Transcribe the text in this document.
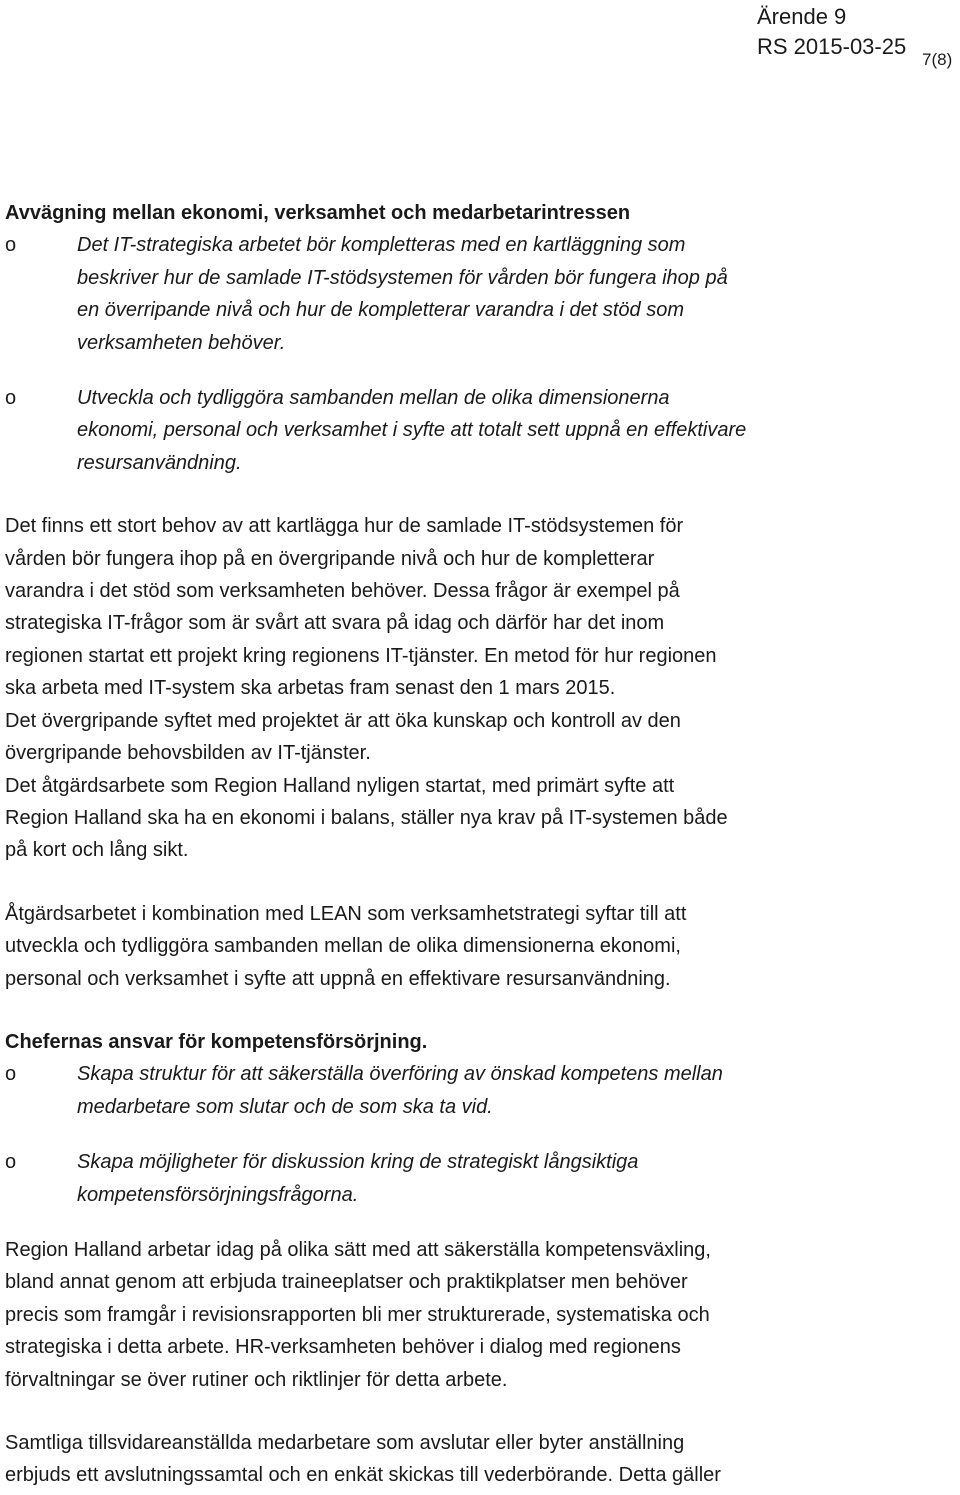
Ärende 9
RS 2015-03-25
7(8)

Avvägning mellan ekonomi, verksamhet och medarbetarintressen

o	Det IT-strategiska arbetet bör kompletteras med en kartläggning som
beskriver hur de samlade IT-stödsystemen för vården bör fungera ihop på
en överripande nivå och hur de kompletterar varandra i det stöd som
verksamheten behöver.
o	Utveckla och tydliggöra sambanden mellan de olika dimensionerna
ekonomi, personal och verksamhet i syfte att totalt sett uppnå en effektivare
resursanvändning.
Det finns ett stort behov av att kartlägga hur de samlade IT-stödsystemen för
vården bör fungera ihop på en övergripande nivå och hur de kompletterar
varandra i det stöd som verksamheten behöver. Dessa frågor är exempel på
strategiska IT-frågor som är svårt att svara på idag och därför har det inom
regionen startat ett projekt kring regionens IT-tjänster. En metod för hur regionen
ska arbeta med IT-system ska arbetas fram senast den 1 mars 2015.
Det övergripande syftet med projektet är att öka kunskap och kontroll av den
övergripande behovsbilden av IT-tjänster.
Det åtgärdsarbete som Region Halland nyligen startat, med primärt syfte att
Region Halland ska ha en ekonomi i balans, ställer nya krav på IT-systemen både
på kort och lång sikt.
Åtgärdsarbetet i kombination med LEAN som verksamhetstrategi syftar till att
utveckla och tydliggöra sambanden mellan de olika dimensionerna ekonomi,
personal och verksamhet i syfte att uppnå en effektivare resursanvändning.

Chefernas ansvar för kompetensförsörjning.

o	Skapa struktur för att säkerställa överföring av önskad kompetens mellan
medarbetare som slutar och de som ska ta vid.
o	Skapa möjligheter för diskussion kring de strategiskt långsiktiga
kompetensförsörjningsfrågorna.
Region Halland arbetar idag på olika sätt med att säkerställa kompetensväxling,
bland annat genom att erbjuda traineeplatser och praktikplatser men behöver
precis som framgår i revisionsrapporten bli mer strukturerade, systematiska och
strategiska i detta arbete. HR-verksamheten behöver i dialog med regionens
förvaltningar se över rutiner och riktlinjer för detta arbete.
Samtliga tillsvidareanställda medarbetare som avslutar eller byter anställning
erbjuds ett avslutningssamtal och en enkät skickas till vederbörande. Detta gäller
